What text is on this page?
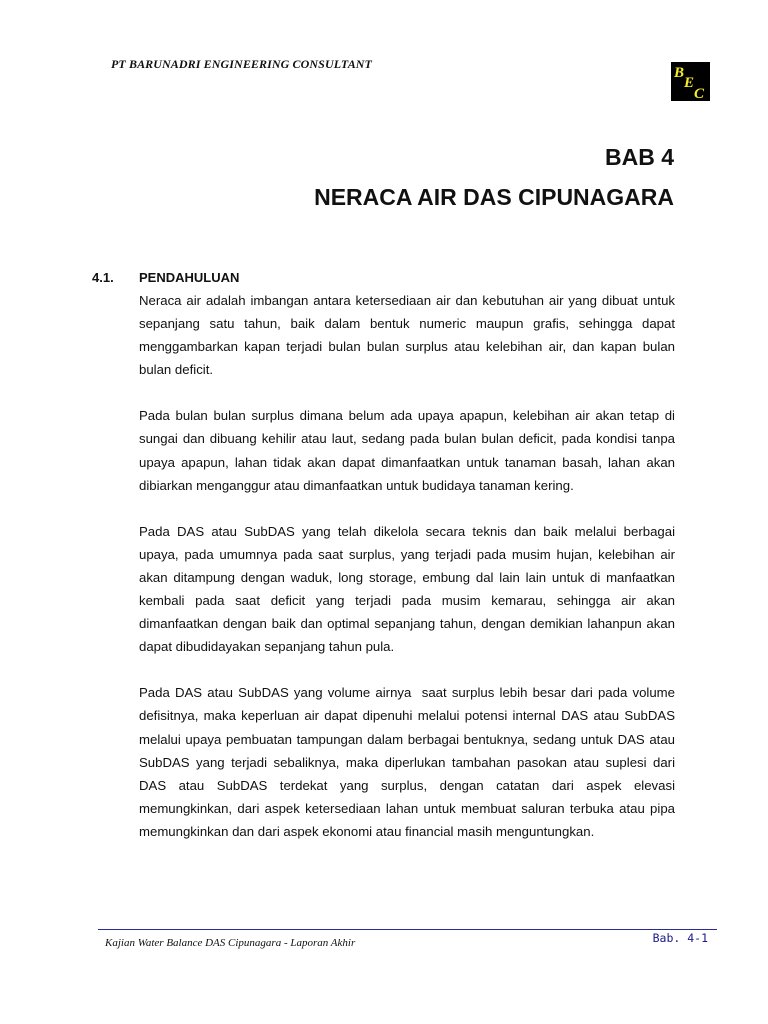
PT BARUNADRI ENGINEERING CONSULTANT
B
E
C
BAB 4
NERACA AIR DAS CIPUNAGARA
4.1. PENDAHULUAN

Neraca air adalah imbangan antara ketersediaan air dan kebutuhan air yang dibuat untuk sepanjang satu tahun, baik dalam bentuk numeric maupun grafis, sehingga dapat menggambarkan kapan terjadi bulan bulan surplus atau kelebihan air, dan kapan bulan bulan deficit.

Pada bulan bulan surplus dimana belum ada upaya apapun, kelebihan air akan tetap di sungai dan dibuang kehilir atau laut, sedang pada bulan bulan deficit, pada kondisi tanpa upaya apapun, lahan tidak akan dapat dimanfaatkan untuk tanaman basah, lahan akan dibiarkan menganggur atau dimanfaatkan untuk budidaya tanaman kering.

Pada DAS atau SubDAS yang telah dikelola secara teknis dan baik melalui berbagai upaya, pada umumnya pada saat surplus, yang terjadi pada musim hujan, kelebihan air akan ditampung dengan waduk, long storage, embung dal lain lain untuk di manfaatkan kembali pada saat deficit yang terjadi pada musim kemarau, sehingga air akan dimanfaatkan dengan baik dan optimal sepanjang tahun, dengan demikian lahanpun akan dapat dibudidayakan sepanjang tahun pula.

Pada DAS atau SubDAS yang volume airnya  saat surplus lebih besar dari pada volume defisitnya, maka keperluan air dapat dipenuhi melalui potensi internal DAS atau SubDAS melalui upaya pembuatan tampungan dalam berbagai bentuknya, sedang untuk DAS atau SubDAS yang terjadi sebaliknya, maka diperlukan tambahan pasokan atau suplesi dari DAS atau SubDAS terdekat yang surplus, dengan catatan dari aspek elevasi memungkinkan, dari aspek ketersediaan lahan untuk membuat saluran terbuka atau pipa memungkinkan dan dari aspek ekonomi atau financial masih menguntungkan.

Kajian Water Balance DAS Cipunagara - Laporan Akhir	Bab. 4-1
